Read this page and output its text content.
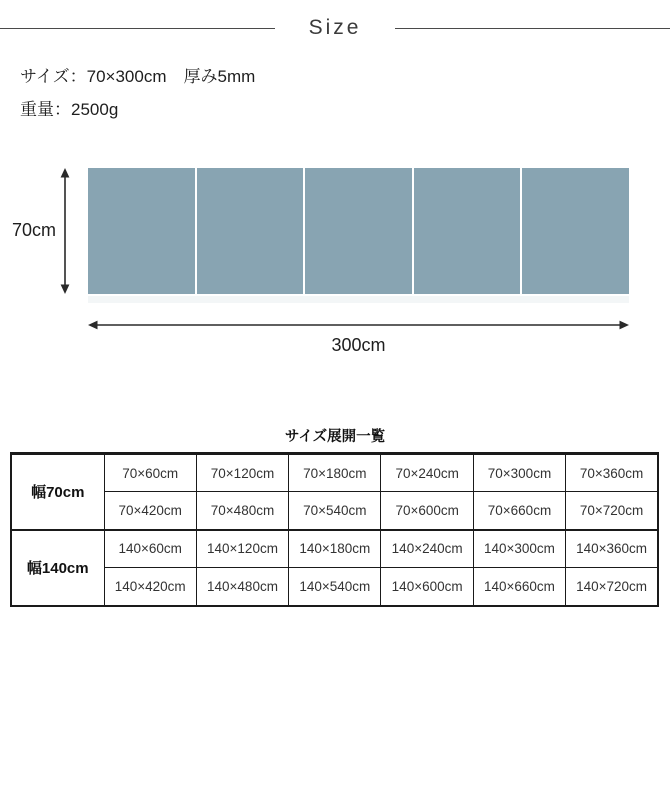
Size
サイズ：70×300cm　厚み5mm
重量：2500g
70cm
300cm
サイズ展開一覧
幅70cm	70×60cm	70×120cm	70×180cm	70×240cm	70×300cm	70×360cm
	70×420cm	70×480cm	70×540cm	70×600cm	70×660cm	70×720cm
幅140cm	140×60cm	140×120cm	140×180cm	140×240cm	140×300cm	140×360cm
	140×420cm	140×480cm	140×540cm	140×600cm	140×660cm	140×720cm
